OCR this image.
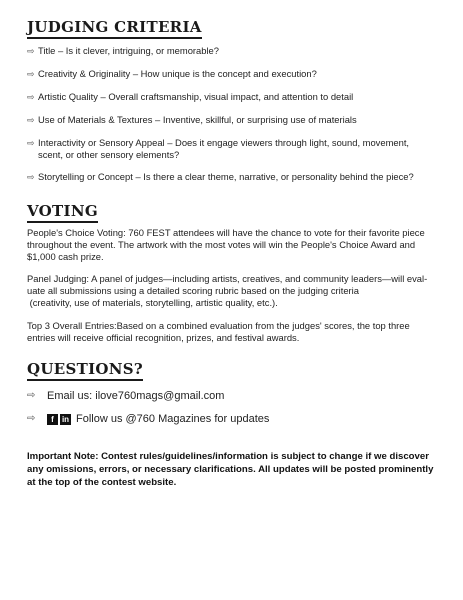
JUDGING CRITERIA
⇨ Title – Is it clever, intriguing, or memorable?
⇨ Creativity & Originality – How unique is the concept and execution?
⇨ Artistic Quality – Overall craftsmanship, visual impact, and attention to detail
⇨ Use of Materials & Textures – Inventive, skillful, or surprising use of materials
⇨ Interactivity or Sensory Appeal – Does it engage viewers through light, sound, movement,
scent, or other sensory elements?
⇨ Storytelling or Concept – Is there a clear theme, narrative, or personality behind the piece?
VOTING

People's Choice Voting: 760 FEST attendees will have the chance to vote for their favorite piece throughout the event. The artwork with the most votes will win the People's Choice Award and $1,000 cash prize.

Panel Judging: A panel of judges—including artists, creatives, and community leaders—will eval-

uate all submissions using a detailed scoring rubric based on the judging criteria

(creativity, use of materials, storytelling, artistic quality, etc.).

Top 3 Overall Entries:Based on a combined evaluation from the judges' scores, the top three entries will receive official recognition, prizes, and festival awards.

QUESTIONS?
⇨	Email us: ilove760mags@gmail.com
⇨	f	in Follow us @760 Magazines for updates
Important Note: Contest rules/guidelines/information is subject to change if we discover any omissions, errors, or necessary clarifications. All updates will be posted prominently at the top of the contest website.
